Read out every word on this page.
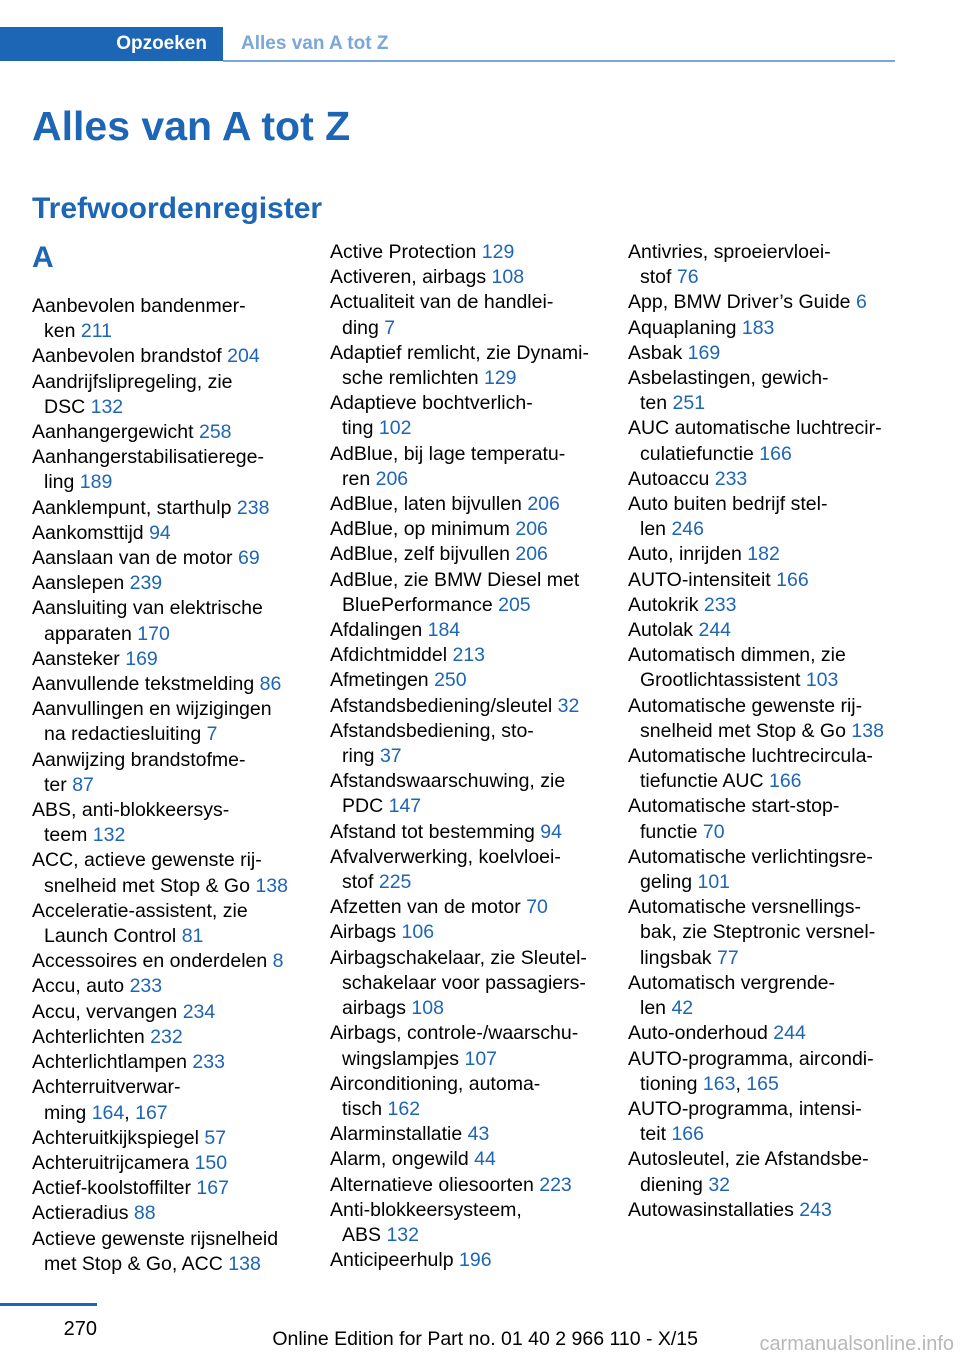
Opzoeken	Alles van A tot Z
Alles van A tot Z
Trefwoordenregister
A
Aanbevolen bandenmer-
ken 211
Aanbevolen brandstof 204
Aandrijfslipregeling, zie
DSC 132
Aanhangergewicht 258
Aanhangerstabilisatierege-
ling 189
Aanklempunt, starthulp 238
Aankomsttijd 94
Aanslaan van de motor 69
Aanslepen 239
Aansluiting van elektrische
apparaten 170
Aansteker 169
Aanvullende tekstmelding 86
Aanvullingen en wijzigingen
na redactiesluiting 7
Aanwijzing brandstofme-
ter 87
ABS, anti-blokkeersys-
teem 132
ACC, actieve gewenste rij-
snelheid met Stop & Go 138
Acceleratie-assistent, zie
Launch Control 81
Accessoires en onderdelen 8
Accu, auto 233
Accu, vervangen 234
Achterlichten 232
Achterlichtlampen 233
Achterruitverwar-
ming 164, 167
Achteruitkijkspiegel 57
Achteruitrijcamera 150
Actief-koolstoffilter 167
Actieradius 88
Actieve gewenste rijsnelheid
met Stop & Go, ACC 138
Active Protection 129
Activeren, airbags 108
Actualiteit van de handlei-
ding 7
Adaptief remlicht, zie Dynami-
sche remlichten 129
Adaptieve bochtverlich-
ting 102
AdBlue, bij lage temperatu-
ren 206
AdBlue, laten bijvullen 206
AdBlue, op minimum 206
AdBlue, zelf bijvullen 206
AdBlue, zie BMW Diesel met
BluePerformance 205
Afdalingen 184
Afdichtmiddel 213
Afmetingen 250
Afstandsbediening/sleutel 32
Afstandsbediening, sto-
ring 37
Afstandswaarschuwing, zie
PDC 147
Afstand tot bestemming 94
Afvalverwerking, koelvloei-
stof 225
Afzetten van de motor 70
Airbags 106
Airbagschakelaar, zie Sleutel-
schakelaar voor passagiers-
airbags 108
Airbags, controle-/waarschu-
wingslampjes 107
Airconditioning, automa-
tisch 162
Alarminstallatie 43
Alarm, ongewild 44
Alternatieve oliesoorten 223
Anti-blokkeersysteem,
ABS 132
Anticipeerhulp 196
Antivries, sproeiervloei-
stof 76
App, BMW Driver’s Guide 6
Aquaplaning 183
Asbak 169
Asbelastingen, gewich-
ten 251
AUC automatische luchtrecir-
culatiefunctie 166
Autoaccu 233
Auto buiten bedrijf stel-
len 246
Auto, inrijden 182
AUTO-intensiteit 166
Autokrik 233
Autolak 244
Automatisch dimmen, zie
Grootlichtassistent 103
Automatische gewenste rij-
snelheid met Stop & Go 138
Automatische luchtrecircula-
tiefunctie AUC 166
Automatische start-stop-
functie 70
Automatische verlichtingsre-
geling 101
Automatische versnellings-
bak, zie Steptronic versnel-
lingsbak 77
Automatisch vergrende-
len 42
Auto-onderhoud 244
AUTO-programma, aircondi-
tioning 163, 165
AUTO-programma, intensi-
teit 166
Autosleutel, zie Afstandsbe-
diening 32
Autowasinstallaties 243
270	Online Edition for Part no. 01 40 2 966 110 - X/15	carmanualsonline.info
